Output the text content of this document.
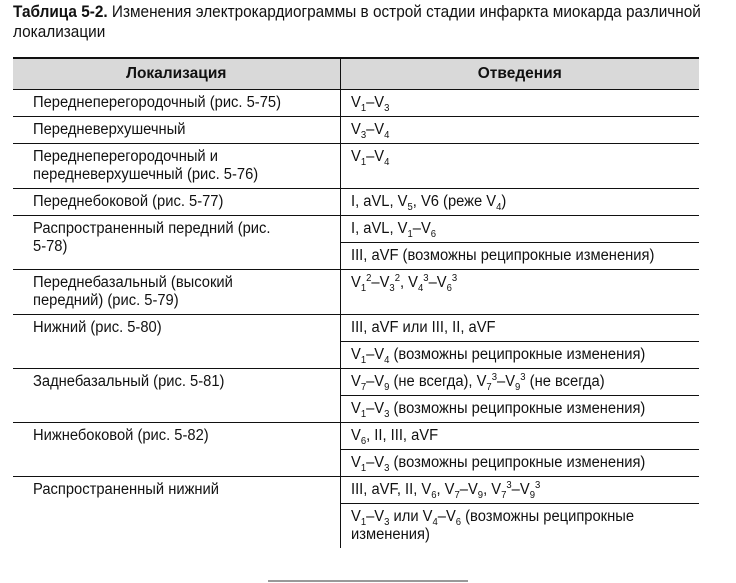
Таблица 5-2. Изменения электрокардиограммы в острой стадии инфаркта миокарда различной локализации
Локализация	Отведения
Переднеперегородочный (рис. 5-75)	$V_1-V_3$
Передневерхушечный	$V_3-V_4$

Переднеперегородочный и передневерхушечный (рис. 5-76)	$V_1-V_4$
Переднебоковой (рис. 5-77)	I, aVL, $V_5$, V6 (реже $V_4$)

Распространенный передний (рис. 5-78)	I, aVL, $V_1-V_6$
	III, aVF (возможны реципрокные изменения)

Переднебазальный (высокий передний) (рис. 5-79)	$V_1^2-V_3^2$, $V_4^3-V_6^3$
Нижний (рис. 5-80)	III, aVF или III, II, aVF
	$V_1-V_4$ (возможны реципрокные изменения)
Заднебазальный (рис. 5-81)	$V_7-V_9$ (не всегда), $V_7^3-V_9^3$ (не всегда)
	$V_1-V_3$ (возможны реципрокные изменения)
Нижнебоковой (рис. 5-82)	$V_6$, II, III, aVF
	$V_1-V_3$ (возможны реципрокные изменения)
Распространенный нижний	III, aVF, II, $V_6$, $V_7-V_9$, $V_7^3-V_9^3$

	$V_1-V_3$ или $V_4-V_6$ (возможны реципрокные изменения)
